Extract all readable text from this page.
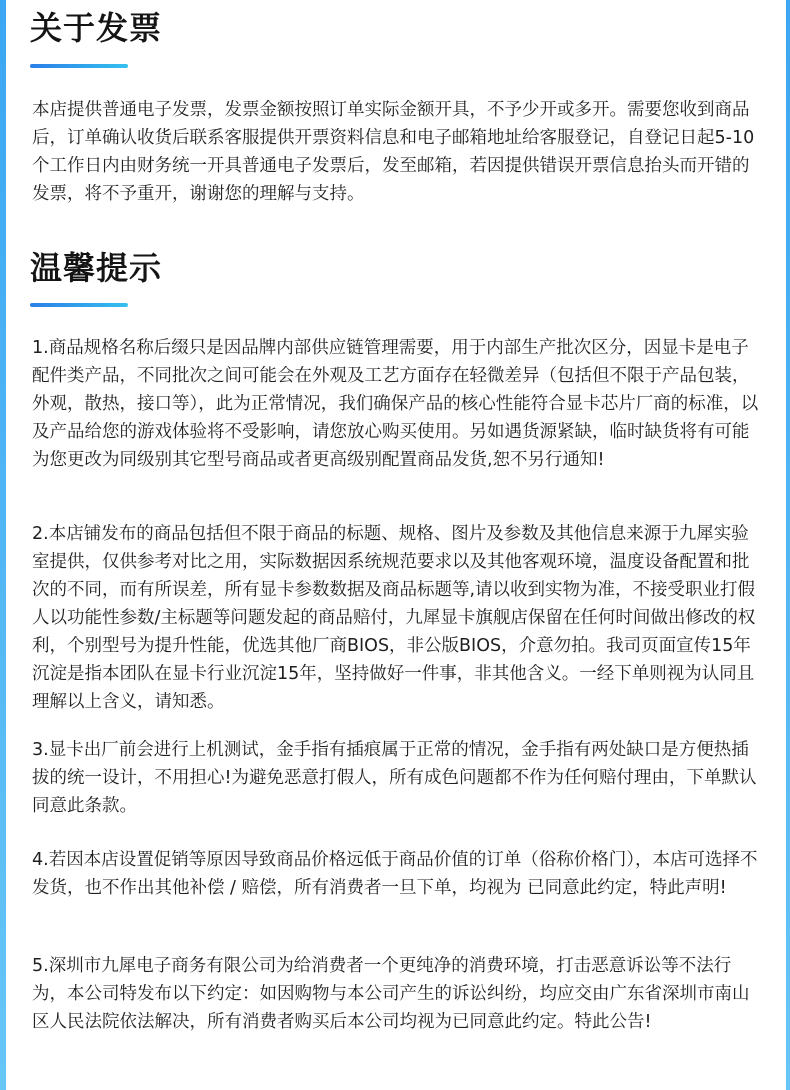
关于发票

本店提供普通电子发票，发票金额按照订单实际金额开具，不予少开或多开。需要您收到商品后，订单确认收货后联系客服提供开票资料信息和电子邮箱地址给客服登记，自登记日起5-10个工作日内由财务统一开具普通电子发票后，发至邮箱，若因提供错误开票信息抬头而开错的发票，将不予重开，谢谢您的理解与支持。

温馨提示

1.商品规格名称后缀只是因品牌内部供应链管理需要，用于内部生产批次区分，因显卡是电子配件类产品，不同批次之间可能会在外观及工艺方面存在轻微差异（包括但不限于产品包装，外观，散热，接口等），此为正常情况，我们确保产品的核心性能符合显卡芯片厂商的标准，以及产品给您的游戏体验将不受影响，请您放心购买使用。另如遇货源紧缺，临时缺货将有可能为您更改为同级别其它型号商品或者更高级别配置商品发货,恕不另行通知!

2.本店铺发布的商品包括但不限于商品的标题、规格、图片及参数及其他信息来源于九犀实验室提供，仅供参考对比之用，实际数据因系统规范要求以及其他客观环境，温度设备配置和批次的不同，而有所误差，所有显卡参数数据及商品标题等,请以收到实物为准，不接受职业打假人以功能性参数/主标题等问题发起的商品赔付，九犀显卡旗舰店保留在任何时间做出修改的权利，个别型号为提升性能，优选其他厂商BIOS，非公版BIOS，介意勿拍。我司页面宣传15年沉淀是指本团队在显卡行业沉淀15年，坚持做好一件事，非其他含义。一经下单则视为认同且理解以上含义，请知悉。

3.显卡出厂前会进行上机测试，金手指有插痕属于正常的情况，金手指有两处缺口是方便热插拔的统一设计，不用担心!为避免恶意打假人，所有成色问题都不作为任何赔付理由，下单默认同意此条款。

4.若因本店设置促销等原因导致商品价格远低于商品价值的订单（俗称价格门），本店可选择不发货，也不作出其他补偿 / 赔偿，所有消费者一旦下单，均视为 已同意此约定，特此声明!

5.深圳市九犀电子商务有限公司为给消费者一个更纯净的消费环境，打击恶意诉讼等不法行为，本公司特发布以下约定：如因购物与本公司产生的诉讼纠纷，均应交由广东省深圳市南山区人民法院依法解决，所有消费者购买后本公司均视为已同意此约定。特此公告!
